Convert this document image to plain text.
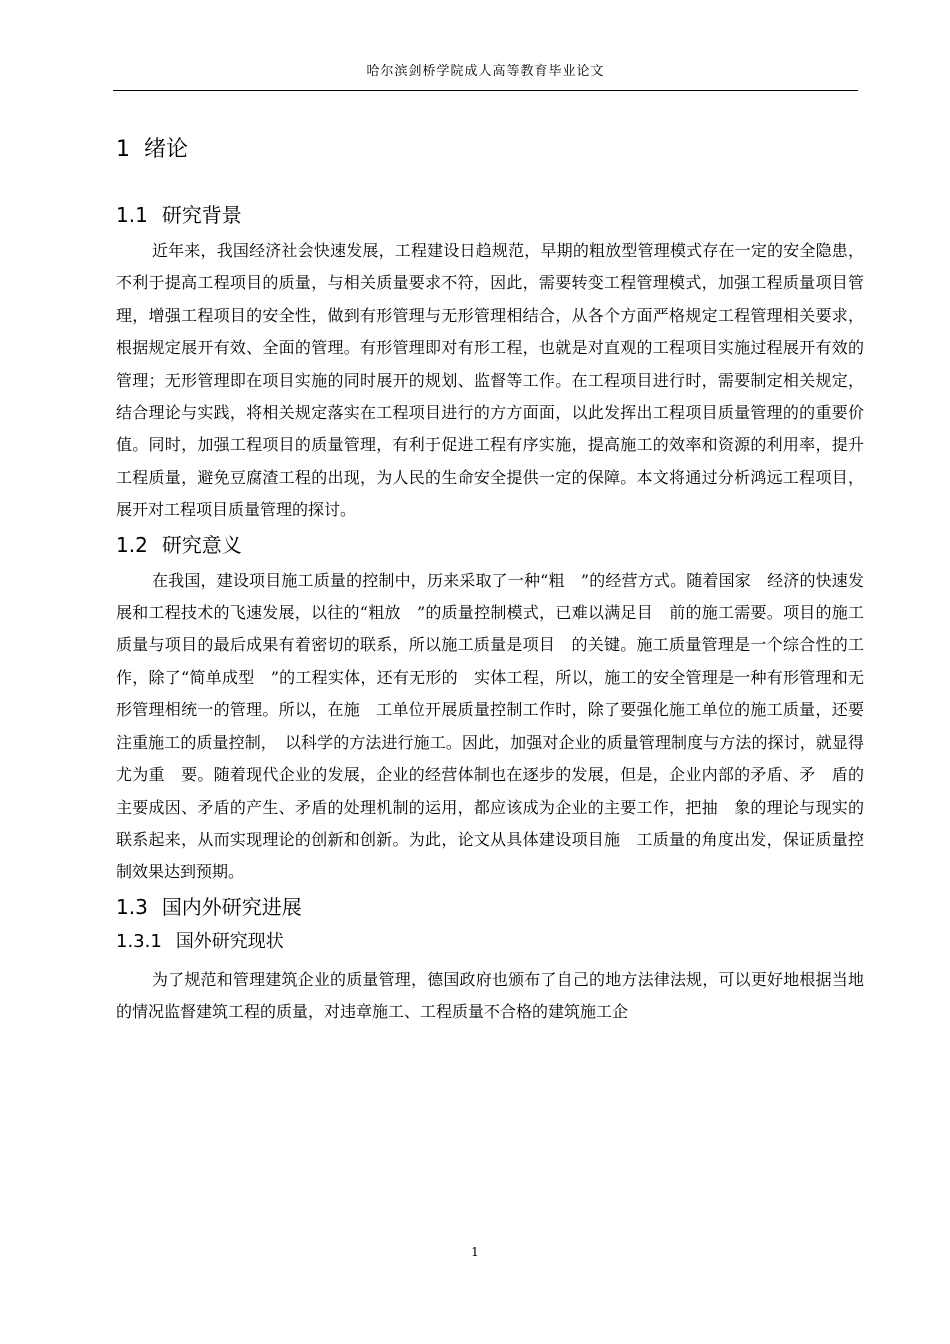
哈尔滨剑桥学院成人高等教育毕业论文
1 绪论
1.1 研究背景

近年来，我国经济社会快速发展，工程建设日趋规范，早期的粗放型管理模式存在一定的安全隐患，不利于提高工程项目的质量，与相关质量要求不符，因此，需要转变工程管理模式，加强工程质量项目管理，增强工程项目的安全性，做到有形管理与无形管理相结合，从各个方面严格规定工程管理相关要求，根据规定展开有效、全面的管理。有形管理即对有形工程，也就是对直观的工程项目实施过程展开有效的管理；无形管理即在项目实施的同时展开的规划、监督等工作。在工程项目进行时，需要制定相关规定，结合理论与实践，将相关规定落实在工程项目进行的方方面面，以此发挥出工程项目质量管理的的重要价值。同时，加强工程项目的质量管理，有利于促进工程有序实施，提高施工的效率和资源的利用率，提升工程质量，避免豆腐渣工程的出现，为人民的生命安全提供一定的保障。本文将通过分析鸿远工程项目，展开对工程项目质量管理的探讨。

1.2 研究意义

在我国，建设项目施工质量的控制中，历来采取了一种“粗　”的经营方式。随着国家　经济的快速发展和工程技术的飞速发展，以往的“粗放　”的质量控制模式，已难以满足目　前的施工需要。项目的施工质量与项目的最后成果有着密切的联系，所以施工质量是项目　的关键。施工质量管理是一个综合性的工作，除了“简单成型　”的工程实体，还有无形的　实体工程，所以，施工的安全管理是一种有形管理和无形管理相统一的管理。所以，在施　工单位开展质量控制工作时，除了要强化施工单位的施工质量，还要注重施工的质量控制，　以科学的方法进行施工。因此，加强对企业的质量管理制度与方法的探讨，就显得尤为重　要。随着现代企业的发展，企业的经营体制也在逐步的发展，但是，企业内部的矛盾、矛　盾的主要成因、矛盾的产生、矛盾的处理机制的运用，都应该成为企业的主要工作，把抽　象的理论与现实的联系起来，从而实现理论的创新和创新。为此，论文从具体建设项目施　工质量的角度出发，保证质量控制效果达到预期。

1.3 国内外研究进展
1.3.1 国外研究现状

为了规范和管理建筑企业的质量管理，德国政府也颁布了自己的地方法律法规，可以更好地根据当地的情况监督建筑工程的质量，对违章施工、工程质量不合格的建筑施工企

1
